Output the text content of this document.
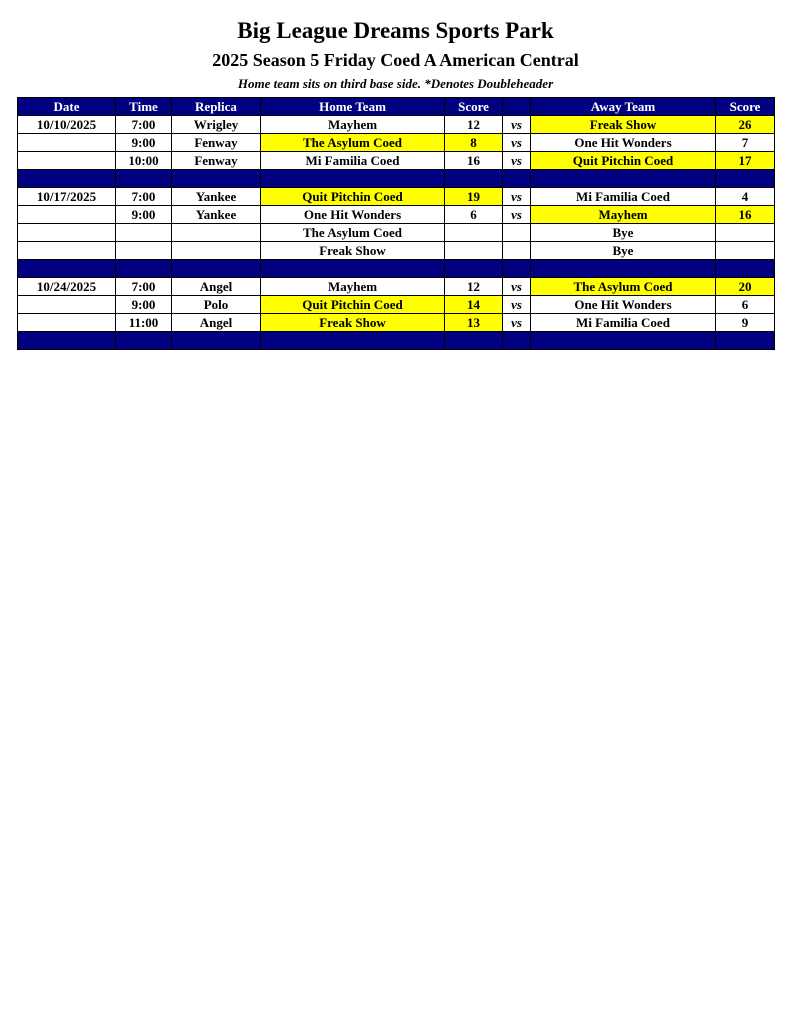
Big League Dreams Sports Park
2025 Season 5 Friday Coed A American Central
Home team sits on third base side. *Denotes Doubleheader
Date	Time	Replica	Home Team	Score		Away Team	Score
10/10/2025	7:00	Wrigley	Mayhem	12	vs	Freak Show	26
	9:00	Fenway	The Asylum Coed	8	vs	One Hit Wonders	7
	10:00	Fenway	Mi Familia Coed	16	vs	Quit Pitchin Coed	17

10/17/2025	7:00	Yankee	Quit Pitchin Coed	19	vs	Mi Familia Coed	4
	9:00	Yankee	One Hit Wonders	6	vs	Mayhem	16
			The Asylum Coed			Bye	
			Freak Show			Bye	

10/24/2025	7:00	Angel	Mayhem	12	vs	The Asylum Coed	20
	9:00	Polo	Quit Pitchin Coed	14	vs	One Hit Wonders	6
	11:00	Angel	Freak Show	13	vs	Mi Familia Coed	9
